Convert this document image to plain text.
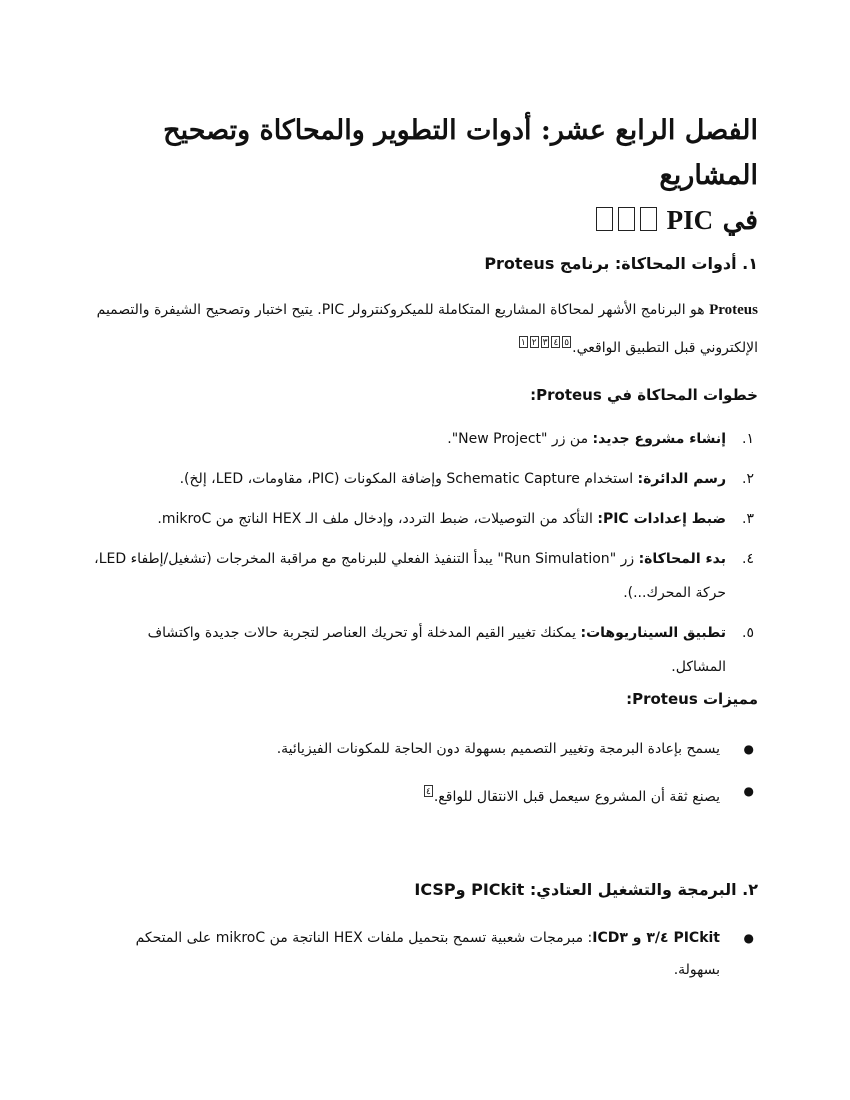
الفصل الرابع عشر: أدوات التطوير والمحاكاة وتصحيح المشاريع
في PIC
١. أدوات المحاكاة: برنامج Proteus

Proteus هو البرنامج الأشهر لمحاكاة المشاريع المتكاملة للميكروكنترولر PIC. يتيح اختبار وتصحيح الشيفرة والتصميم الإلكتروني قبل التطبيق الواقعي.$^{١ ٢ ٣ ٤ ٥}$

خطوات المحاكاة في Proteus:
١.
إنشاء مشروع جديد: من زر "New Project".
٢.
رسم الدائرة: استخدام Schematic Capture وإضافة المكونات (PIC، مقاومات، LED، إلخ).
٣.
ضبط إعدادات PIC: التأكد من التوصيلات، ضبط التردد، وإدخال ملف الـ HEX الناتج من mikroC.
٤.
بدء المحاكاة: زر "Run Simulation" يبدأ التنفيذ الفعلي للبرنامج مع مراقبة المخرجات (تشغيل/إطفاء LED، حركة المحرك...).
٥.
تطبيق السيناريوهات: يمكنك تغيير القيم المدخلة أو تحريك العناصر لتجربة حالات جديدة واكتشاف المشاكل.
مميزات Proteus:
●
يسمح بإعادة البرمجة وتغيير التصميم بسهولة دون الحاجة للمكونات الفيزيائية.
●
يصنع ثقة أن المشروع سيعمل قبل الانتقال للواقع.$^٤$
٢. البرمجة والتشغيل العتادي: PICkit وICSP
●
PICkit ٣/٤ و ICD٣: مبرمجات شعبية تسمح بتحميل ملفات HEX الناتجة من mikroC على المتحكم بسهولة.
